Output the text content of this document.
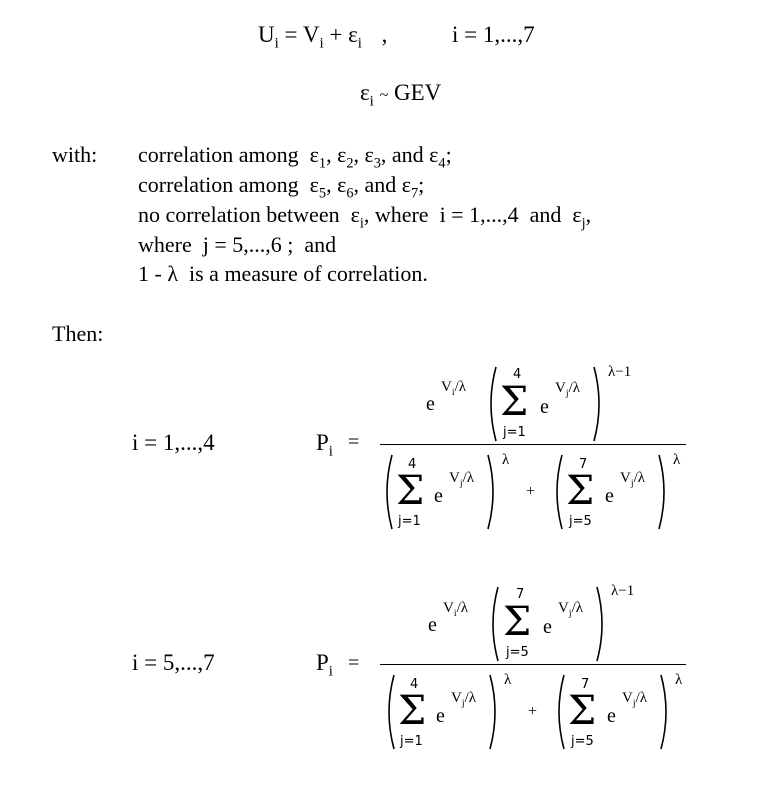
$U_i = V_i + \varepsilon_i$ ,	i = 1,...,7
$\varepsilon_i$ ~ GEV
with: correlation among $\varepsilon_1$, $\varepsilon_2$, $\varepsilon_3$, and $\varepsilon_4$;
correlation among $\varepsilon_5$, $\varepsilon_6$, and $\varepsilon_7$;
no correlation between $\varepsilon_i$, where i = 1,...,4 and $\varepsilon_j$,
where j = 5,...,6 ; and
1 - λ is a measure of correlation.
Then:
i = 1,...,4	$P_i$ =
e
$V_i/\lambda$
4
Σ
j=1
e
$V_j/\lambda$
λ−1
4
Σ
j=1
e
$V_j/\lambda$
λ
+
7
Σ
j=5
e
$V_j/\lambda$
λ
i = 5,...,7	$P_i$ =
e
$V_i/\lambda$
7
Σ
j=5
e
$V_j/\lambda$
λ−1
4
Σ
j=1
e
$V_j/\lambda$
λ
+
7
Σ
j=5
e
$V_j/\lambda$
λ
